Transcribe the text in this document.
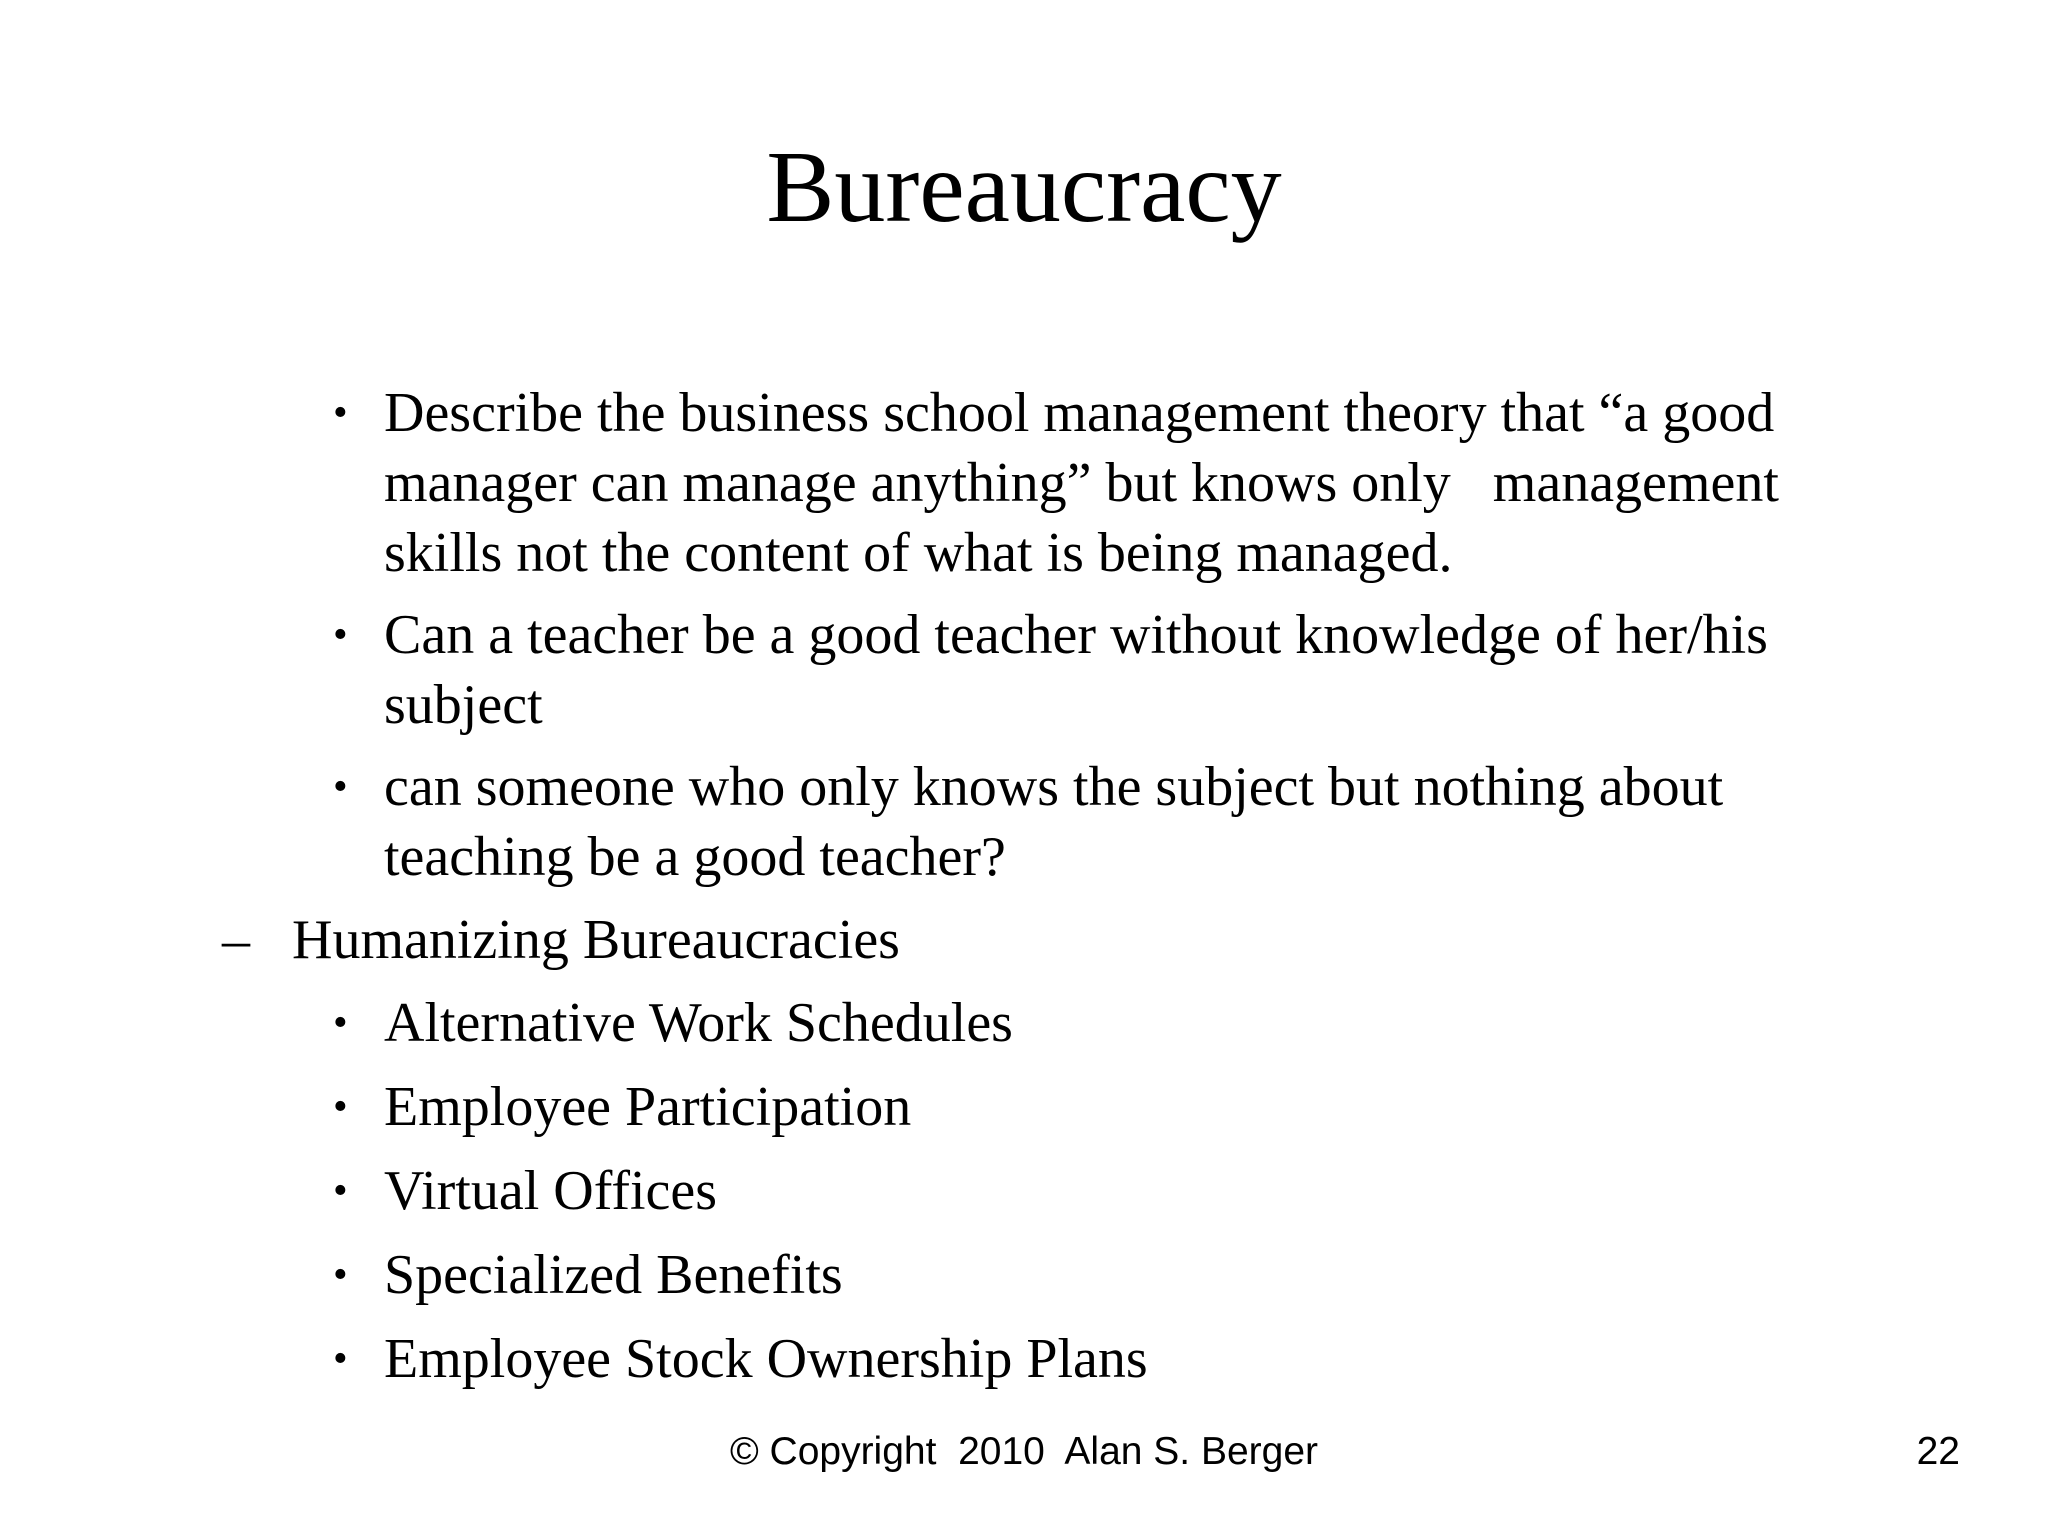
Bureaucracy
• Describe the business school management theory that “a good manager can manage anything” but knows only   management skills not the content of what is being managed.
• Can a teacher be a good teacher without knowledge of her/his subject
• can someone who only knows the subject but nothing about teaching be a good teacher?
– Humanizing Bureaucracies
• Alternative Work Schedules
• Employee Participation
• Virtual Offices
• Specialized Benefits
• Employee Stock Ownership Plans
© Copyright  2010  Alan S. Berger	22
